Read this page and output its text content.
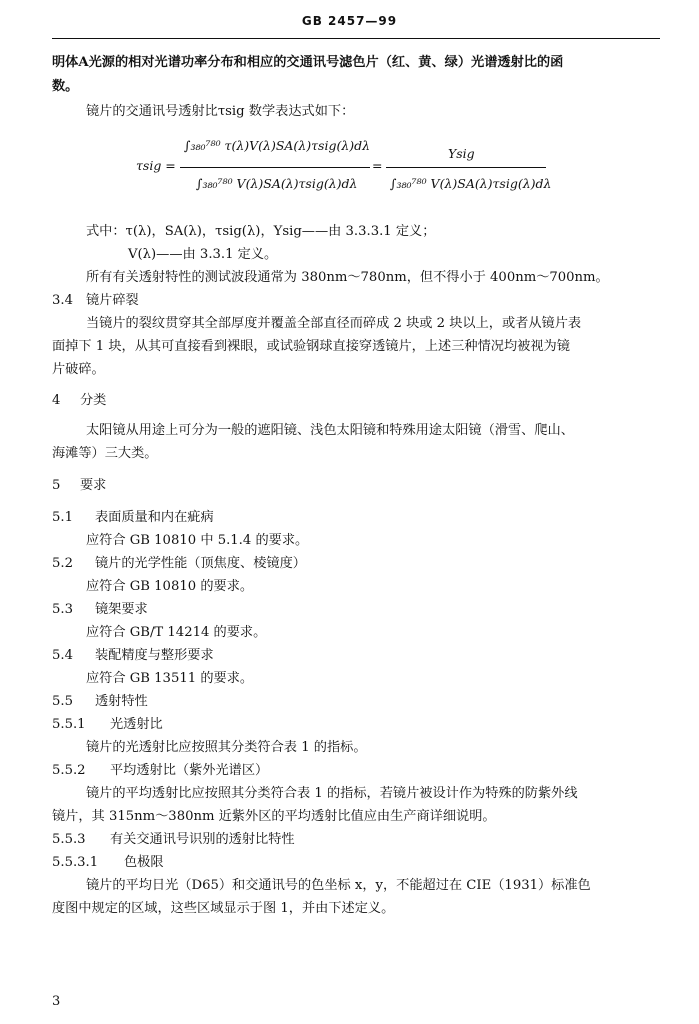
GB 2457—99
明体A光源的相对光谱功率分布和相应的交通讯号滤色片（红、黄、绿）光谱透射比的函
数。
镜片的交通讯号透射比τsig 数学表达式如下：
τsig =
∫₃₈₀⁷⁸⁰ τ(λ)V(λ)SA(λ)τsig(λ)dλ
∫₃₈₀⁷⁸⁰ V(λ)SA(λ)τsig(λ)dλ
=
Ysig
∫₃₈₀⁷⁸⁰ V(λ)SA(λ)τsig(λ)dλ
式中：τ(λ)，SA(λ)，τsig(λ)，Ysig——由 3.3.3.1 定义；
V(λ)——由 3.3.1 定义。
所有有关透射特性的测试波段通常为 380nm～780nm，但不得小于 400nm～700nm。
3.4 镜片碎裂
当镜片的裂纹贯穿其全部厚度并覆盖全部直径而碎成 2 块或 2 块以上，或者从镜片表
面掉下 1 块，从其可直接看到裸眼，或试验钢球直接穿透镜片，上述三种情况均被视为镜
片破碎。
4 分类
太阳镜从用途上可分为一般的遮阳镜、浅色太阳镜和特殊用途太阳镜（滑雪、爬山、
海滩等）三大类。
5 要求
5.1 表面质量和内在疵病
应符合 GB 10810 中 5.1.4 的要求。
5.2 镜片的光学性能（顶焦度、棱镜度）
应符合 GB 10810 的要求。
5.3 镜架要求
应符合 GB/T 14214 的要求。
5.4 装配精度与整形要求
应符合 GB 13511 的要求。
5.5 透射特性
5.5.1 光透射比
镜片的光透射比应按照其分类符合表 1 的指标。
5.5.2 平均透射比（紫外光谱区）
镜片的平均透射比应按照其分类符合表 1 的指标，若镜片被设计作为特殊的防紫外线
镜片，其 315nm～380nm 近紫外区的平均透射比值应由生产商详细说明。
5.5.3 有关交通讯号识别的透射比特性
5.5.3.1 色极限
镜片的平均日光（D65）和交通讯号的色坐标 x，y，不能超过在 CIE（1931）标准色
度图中规定的区域，这些区域显示于图 1，并由下述定义。
3
